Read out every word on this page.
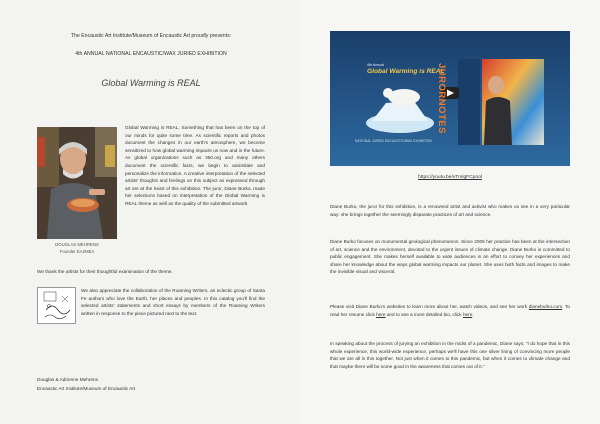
The Encaustic Art Institute/Museum of Encaustic Art proudly presents:
4th ANNUAL NATIONAL ENCAUSTIC/WAX JURIED EXHIBITION
Global Warming is REAL
DOUGLAS MEHRENS
Founder EAI/MEA
Global Warming is REAL. Something that has been on the top of our minds for quite some time. As scientific reports and photos document the changes in our earth's atmosphere, we become sensitized to how global warming impacts us now and in the future. As global organizations such as 350.org and many others document the scientific facts, we begin to assimilate and personalize the information. A creative interpretation of the selected artists' thoughts and feelings on this subject as expressed through art are at the heart of this exhibition. The juror, Diane Burko, made her selections based on interpretation of the Global Warming is REAL theme as well as the quality of the submitted artwork.
We thank the artists for their thoughtful examination of the theme.
We also appreciate the collaboration of the Roaming Writers, an eclectic group of Santa Fe authors who love the Earth, her places and peoples. In this catalog you'll find the selected artists' statements and short essays by members of the Roaming Writers written in response to the piece pictured next to the text.
Douglas & Adrienne Mehrens
Encaustic Art Institute/Museum of Encaustic Art
4th Annual
Global Warming is REAL
JURORNOTES
NATIONAL JURIED ENCAUSTIC/WAX EXHIBITION
https://youtu.be/xTmlgFCpool
Diane Burko, the juror for this exhibition, is a renowned artist and activist who makes us see in a very particular way: she brings together the seemingly disparate practices of art and science.
Diane Burko focuses on monumental geological phenomenon. Since 2006 her practice has been at the intersection of art, science and the environment, devoted to the urgent issues of climate change. Diane Burko is committed to public engagement. She makes herself available to wide audiences in an effort to convey her experiences and share her knowledge about the ways global warming impacts our planet. She uses both facts and images to make the invisible visual and visceral.
Please visit Diane Burko's websites to learn more about her, watch videos, and see her work dianeburko.com. To read her resume click here and to see a more detailed bio, click here.
In speaking about the process of jurying an exhibition in the midst of a pandemic, Diane says, "I do hope that in this whole experience, this world-wide experience, perhaps we'll have this one silver lining of convincing more people that we are all in this together. Not just when it comes to this pandemic, but when it comes to climate change and that maybe there will be some good in the awareness that comes out of it."
